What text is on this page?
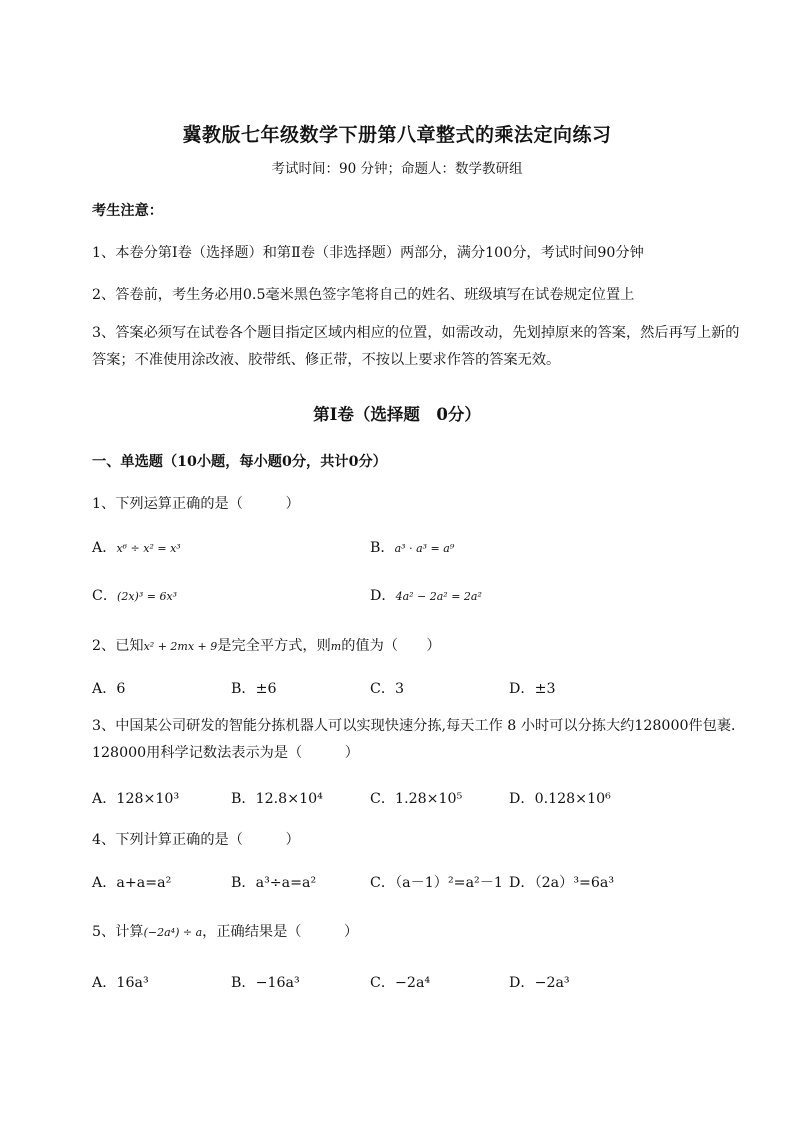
冀教版七年级数学下册第八章整式的乘法定向练习
考试时间：90 分钟；命题人：数学教研组
考生注意：
1、本卷分第Ⅰ卷（选择题）和第Ⅱ卷（非选择题）两部分，满分100分，考试时间90分钟
2、答卷前，考生务必用0.5毫米黑色签字笔将自己的姓名、班级填写在试卷规定位置上
3、答案必须写在试卷各个题目指定区域内相应的位置，如需改动，先划掉原来的答案，然后再写上新的答案；不准使用涂改液、胶带纸、修正带，不按以上要求作答的答案无效。
第Ⅰ卷（选择题　0分）
一、单选题（10小题，每小题0分，共计0分）
1、下列运算正确的是（　　　）
A．x⁶ ÷ x² = x³	B．a³ · a³ = a⁹
C．(2x)³ = 6x³	D．4a² − 2a² = 2a²
2、已知x² + 2mx + 9是完全平方式，则m的值为（　　）
A．6	B．±6	C．3	D．±3
3、中国某公司研发的智能分拣机器人可以实现快速分拣,每天工作 8 小时可以分拣大约128000件包裹．128000用科学记数法表示为是（　　　）
A．128×10³	B．12.8×10⁴	C．1.28×10⁵	D．0.128×10⁶
4、下列计算正确的是（　　　）
A．a+a=a²	B．a³÷a=a²	C．（a－1）²=a²－1 D．（2a）³=6a³
5、计算(−2a⁴) ÷ a，正确结果是（　　　）
A．16a³	B．−16a³	C．−2a⁴	D．−2a³
